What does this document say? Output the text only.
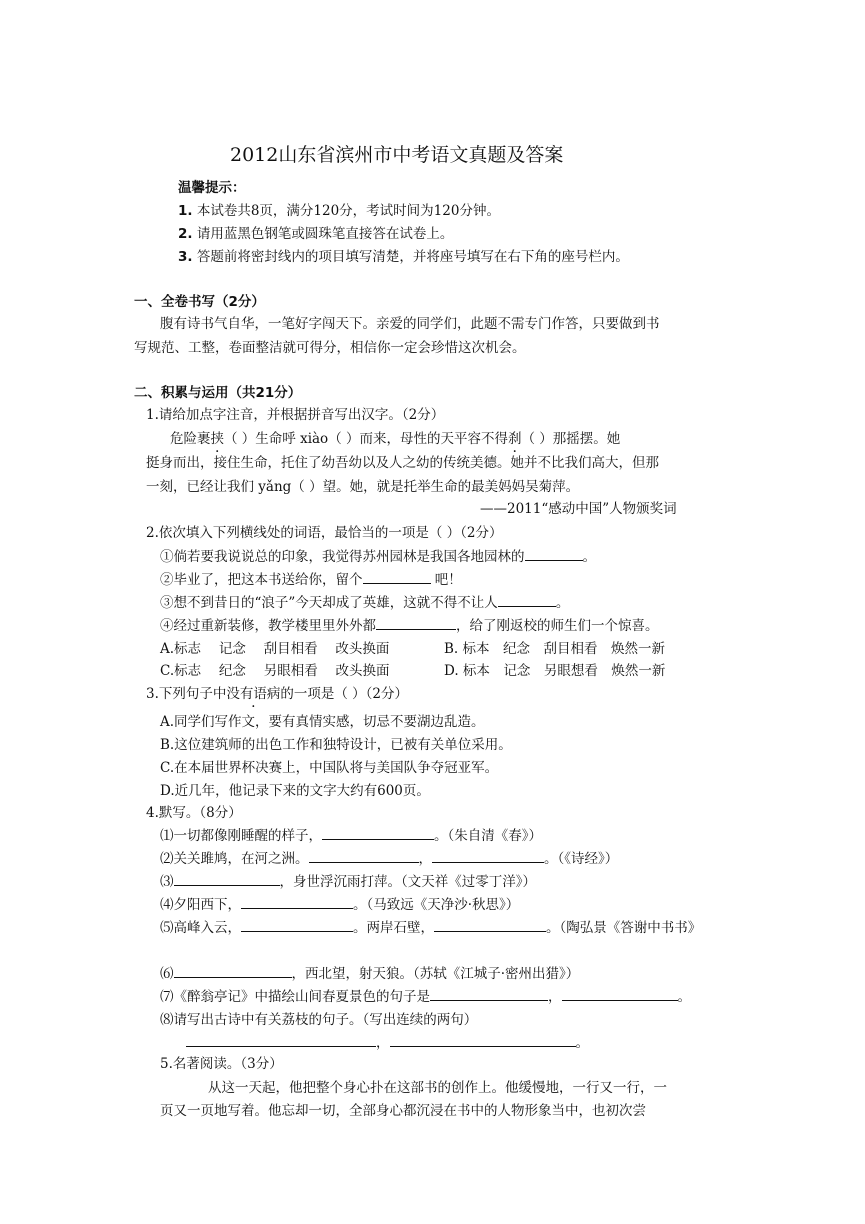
2012山东省滨州市中考语文真题及答案
温馨提示：
1. 本试卷共8页，满分120分，考试时间为120分钟。
2. 请用蓝黑色钢笔或圆珠笔直接答在试卷上。
3. 答题前将密封线内的项目填写清楚，并将座号填写在右下角的座号栏内。
一、全卷书写（2分）
腹有诗书气自华，一笔好字闯天下。亲爱的同学们，此题不需专门作答，只要做到书
写规范、工整，卷面整洁就可得分，相信你一定会珍惜这次机会。
二、积累与运用（共21分）
1.请给加点字注音，并根据拼音写出汉字。（2分）
危险裹挟（ ）生命呼 xiào（ ）而来，母性的天平容不得刹（ ）那摇摆。她
挺身而出，接住生命，托住了幼吾幼以及人之幼的传统美德。她并不比我们高大，但那
一刻，已经让我们 yǎng（ ）望。她，就是托举生命的最美妈妈吴菊萍。
——2011“感动中国”人物颁奖词
2.依次填入下列横线处的词语，最恰当的一项是（ ）（2分）
①倘若要我说说总的印象，我觉得苏州园林是我国各地园林的	。
②毕业了，把这本书送给你，留个	吧！
③想不到昔日的“浪子”今天却成了英雄，这就不得不让人	。
④经过重新装修，教学楼里里外外都	，给了刚返校的师生们一个惊喜。
A.标志　 记念　 刮目相看　 改头换面	B. 标本　纪念　刮目相看　焕然一新
C.标志　 纪念　 另眼相看　 改头换面	D. 标本　记念　另眼想看　焕然一新
3.下列句子中没有语病的一项是（ ）（2分）
A.同学们写作文，要有真情实感，切忌不要湖边乱造。
B.这位建筑师的出色工作和独特设计，已被有关单位采用。
C.在本届世界杯决赛上，中国队将与美国队争夺冠亚军。
D.近几年，他记录下来的文字大约有600页。
4.默写。（8分）
⑴一切都像刚睡醒的样子，	。（朱自清《春》）
⑵关关雎鸠，在河之洲。	，	。（《诗经》）
⑶	，身世浮沉雨打萍。（文天祥《过零丁洋》）
⑷夕阳西下，	。（马致远《天净沙·秋思》）
⑸高峰入云，	。两岸石壁，	。（陶弘景《答谢中书书》
⑹	，西北望，射天狼。（苏轼《江城子·密州出猎》）
⑺《醉翁亭记》中描绘山间春夏景色的句子是	，	。
⑻请写出古诗中有关荔枝的句子。（写出连续的两句）
，	。
5.名著阅读。（3分）
从这一天起，他把整个身心扑在这部书的创作上。他缓慢地，一行又一行，一
页又一页地写着。他忘却一切，全部身心都沉浸在书中的人物形象当中，也初次尝
